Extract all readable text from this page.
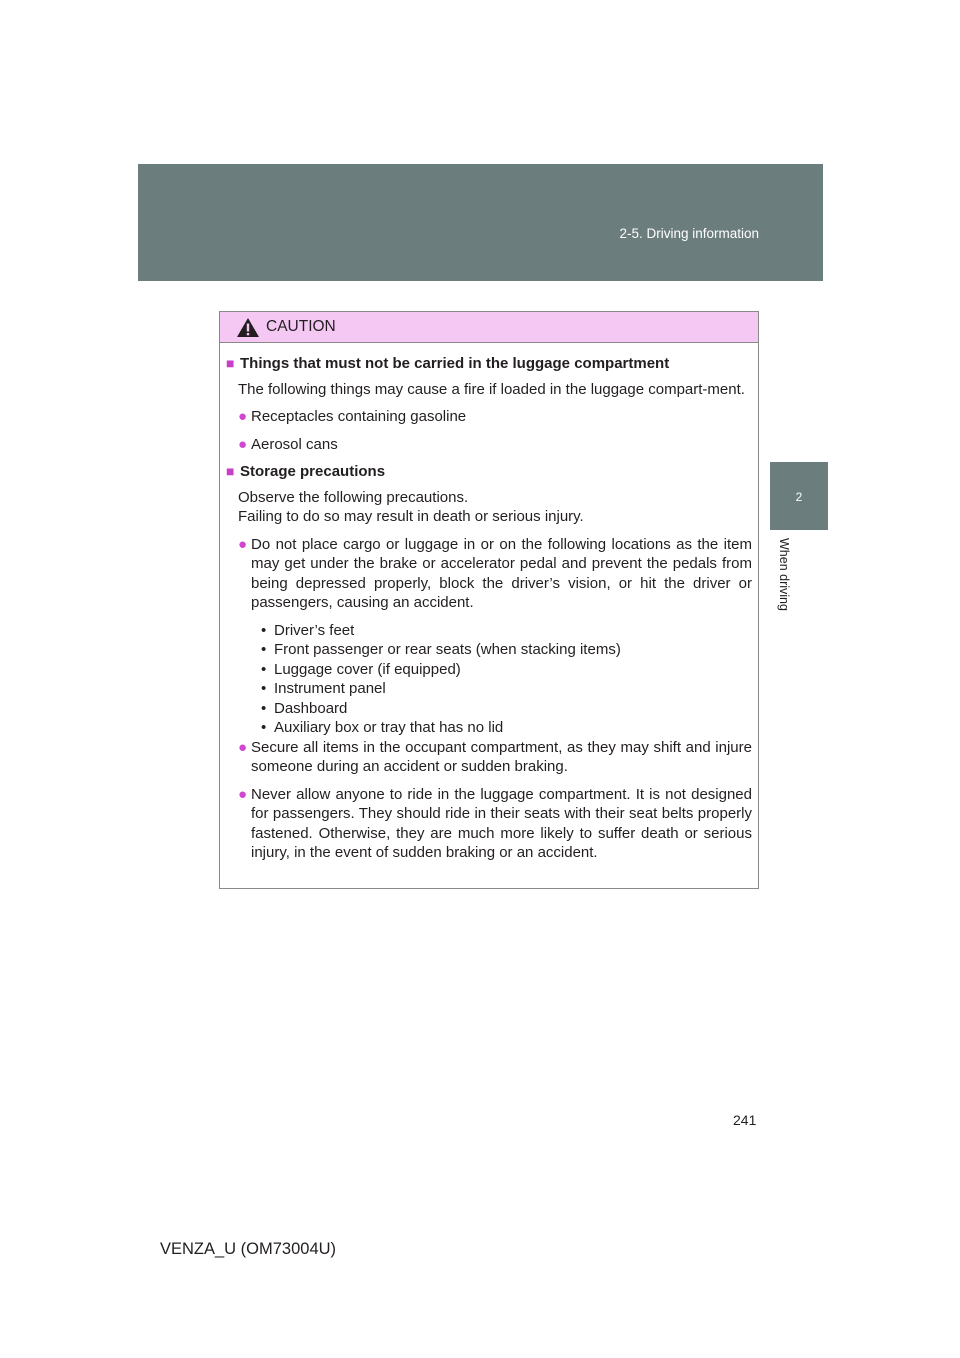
2-5. Driving information
2
When driving
CAUTION
■ Things that must not be carried in the luggage compartment
The following things may cause a fire if loaded in the luggage compart-ment.
● Receptacles containing gasoline
● Aerosol cans
■ Storage precautions
Observe the following precautions.
Failing to do so may result in death or serious injury.
● Do not place cargo or luggage in or on the following locations as the item may get under the brake or accelerator pedal and prevent the pedals from being depressed properly, block the driver’s vision, or hit the driver or passengers, causing an accident.
• Driver’s feet
• Front passenger or rear seats (when stacking items)
• Luggage cover (if equipped)
• Instrument panel
• Dashboard
• Auxiliary box or tray that has no lid
● Secure all items in the occupant compartment, as they may shift and injure someone during an accident or sudden braking.
● Never allow anyone to ride in the luggage compartment. It is not designed for passengers. They should ride in their seats with their seat belts properly fastened. Otherwise, they are much more likely to suffer death or serious injury, in the event of sudden braking or an accident.
241
VENZA_U (OM73004U)
